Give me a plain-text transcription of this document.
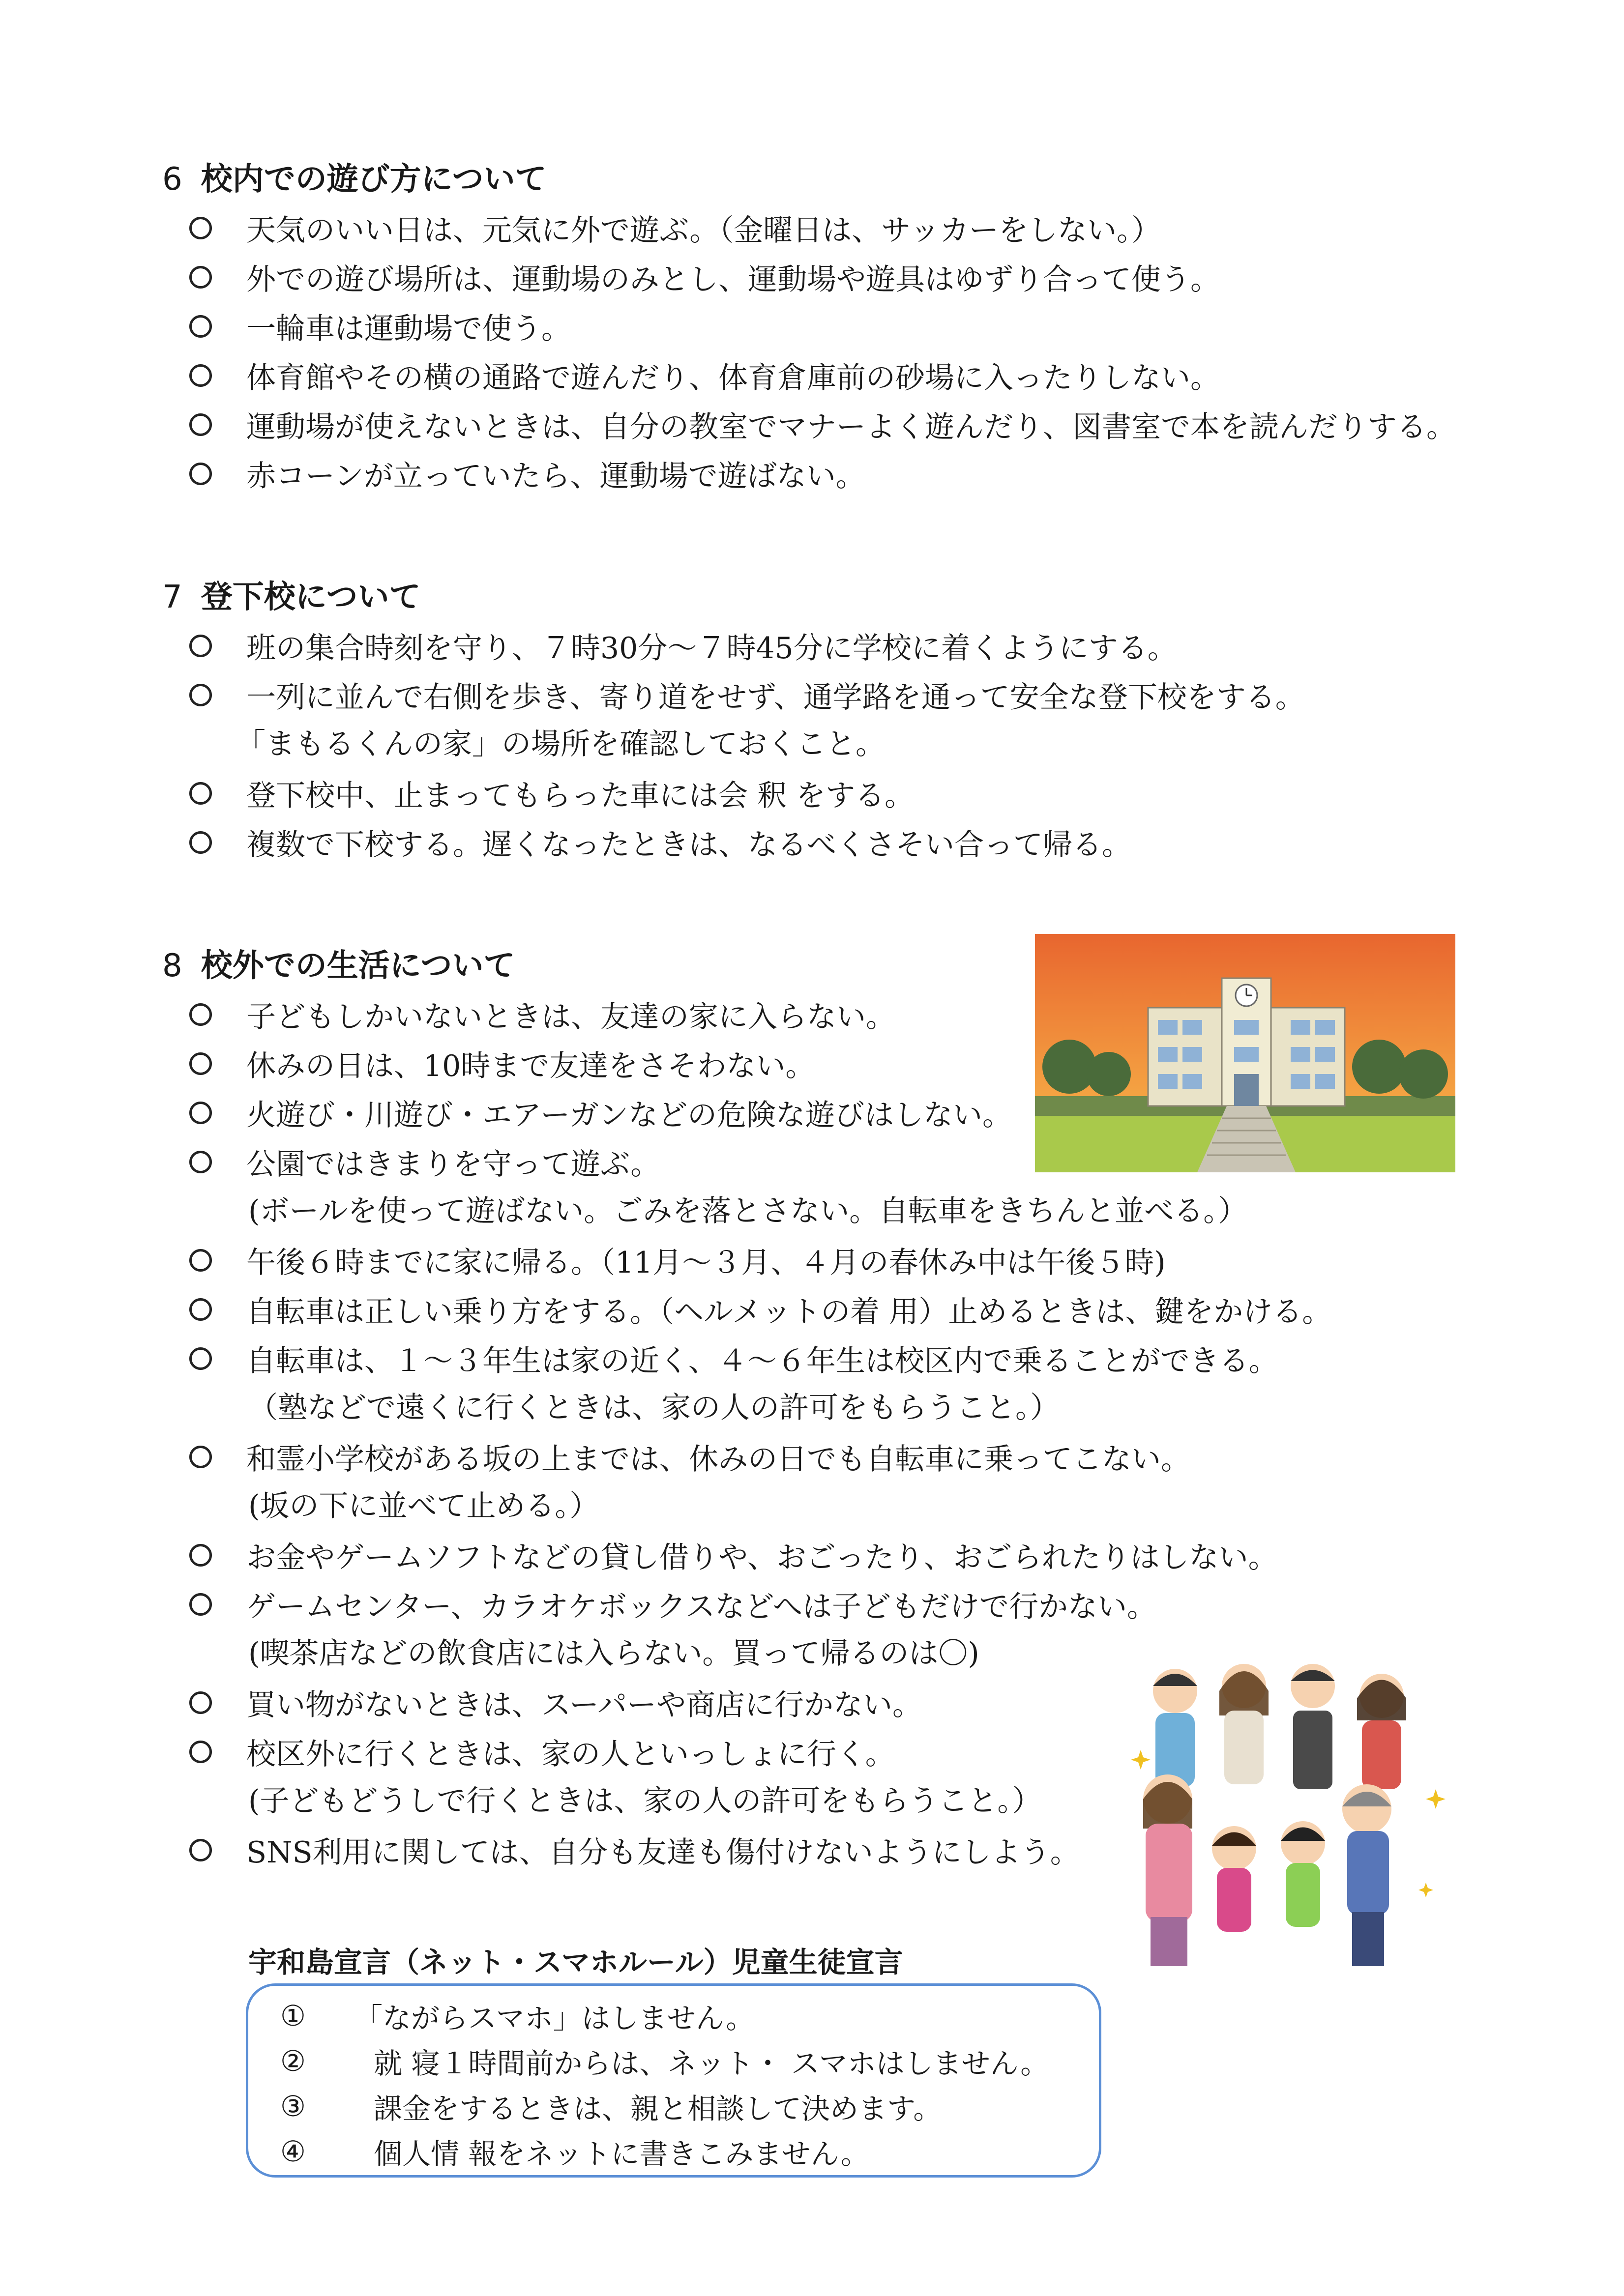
6 校内での遊び方について
天気のいい日は、元気に外で遊ぶ。（金曜日は、サッカーをしない。）
外での遊び場所は、運動場のみとし、運動場や遊具はゆずり合って使う。
一輪車は運動場で使う。
体育館やその横の通路で遊んだり、体育倉庫前の砂場に入ったりしない。
運動場が使えないときは、自分の教室でマナーよく遊んだり、図書室で本を読んだりする。
赤コーンが立っていたら、運動場で遊ばない。
7 登下校について
班の集合時刻を守り、７時30分～７時45分に学校に着くようにする。
一列に並んで右側を歩き、寄り道をせず、通学路を通って安全な登下校をする。
「まもるくんの家」の場所を確認しておくこと。
登下校中、止まってもらった車には会 釈 をする。
複数で下校する。遅くなったときは、なるべくさそい合って帰る。
8 校外での生活について
子どもしかいないときは、友達の家に入らない。
休みの日は、10時まで友達をさそわない。
火遊び・川遊び・エアーガンなどの危険な遊びはしない。
公園ではきまりを守って遊ぶ。
(ボールを使って遊ばない。ごみを落とさない。自転車をきちんと並べる。）
午後６時までに家に帰る。（11月～３月、４月の春休み中は午後５時)
自転車は正しい乗り方をする。（ヘルメットの着 用）止めるときは、鍵をかける。
自転車は、１～３年生は家の近く、４～６年生は校区内で乗ることができる。
（塾などで遠くに行くときは、家の人の許可をもらうこと。）
和霊小学校がある坂の上までは、休みの日でも自転車に乗ってこない。
(坂の下に並べて止める。）
お金やゲームソフトなどの貸し借りや、おごったり、おごられたりはしない。
ゲームセンター、カラオケボックスなどへは子どもだけで行かない。
(喫茶店などの飲食店には入らない。買って帰るのは〇)
買い物がないときは、スーパーや商店に行かない。
校区外に行くときは、家の人といっしょに行く。
(子どもどうしで行くときは、家の人の許可をもらうこと。）
SNS利用に関しては、自分も友達も傷付けないようにしよう。
宇和島宣言（ネット・スマホルール）児童生徒宣言
①	「ながらスマホ」はしません。
②	就 寝１時間前からは、ネット・ スマホはしません。
③	課金をするときは、親と相談して決めます。
④	個人情 報をネットに書きこみません。
